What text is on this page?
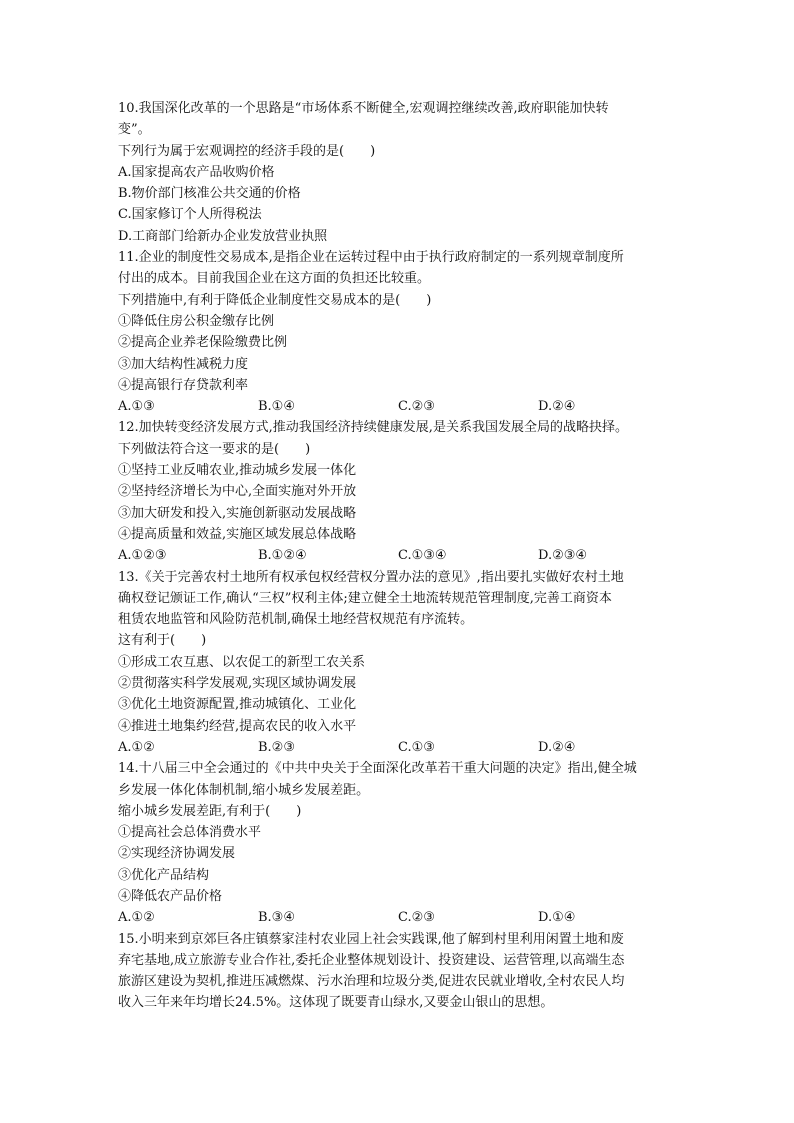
10.我国深化改革的一个思路是“市场体系不断健全,宏观调控继续改善,政府职能加快转
变”。
下列行为属于宏观调控的经济手段的是(　　)
A.国家提高农产品收购价格
B.物价部门核准公共交通的价格
C.国家修订个人所得税法
D.工商部门给新办企业发放营业执照
11.企业的制度性交易成本,是指企业在运转过程中由于执行政府制定的一系列规章制度所
付出的成本。目前我国企业在这方面的负担还比较重。
下列措施中,有利于降低企业制度性交易成本的是(　　)
①降低住房公积金缴存比例
②提高企业养老保险缴费比例
③加大结构性减税力度
④提高银行存贷款利率
A.①③	B.①④	C.②③	D.②④
12.加快转变经济发展方式,推动我国经济持续健康发展,是关系我国发展全局的战略抉择。
下列做法符合这一要求的是(　　)
①坚持工业反哺农业,推动城乡发展一体化
②坚持经济增长为中心,全面实施对外开放
③加大研发和投入,实施创新驱动发展战略
④提高质量和效益,实施区域发展总体战略
A.①②③	B.①②④	C.①③④	D.②③④
13.《关于完善农村土地所有权承包权经营权分置办法的意见》,指出要扎实做好农村土地
确权登记颁证工作,确认“三权”权利主体;建立健全土地流转规范管理制度,完善工商资本
租赁农地监管和风险防范机制,确保土地经营权规范有序流转。
这有利于(　　)
①形成工农互惠、以农促工的新型工农关系
②贯彻落实科学发展观,实现区域协调发展
③优化土地资源配置,推动城镇化、工业化
④推进土地集约经营,提高农民的收入水平
A.①②	B.②③	C.①③	D.②④
14.十八届三中全会通过的《中共中央关于全面深化改革若干重大问题的决定》指出,健全城
乡发展一体化体制机制,缩小城乡发展差距。
缩小城乡发展差距,有利于(　　)
①提高社会总体消费水平
②实现经济协调发展
③优化产品结构
④降低农产品价格
A.①②	B.③④	C.②③	D.①④
15.小明来到京郊巨各庄镇蔡家洼村农业园上社会实践课,他了解到村里利用闲置土地和废
弃宅基地,成立旅游专业合作社,委托企业整体规划设计、投资建设、运营管理,以高端生态
旅游区建设为契机,推进压减燃煤、污水治理和垃圾分类,促进农民就业增收,全村农民人均
收入三年来年均增长24.5%。这体现了既要青山绿水,又要金山银山的思想。
